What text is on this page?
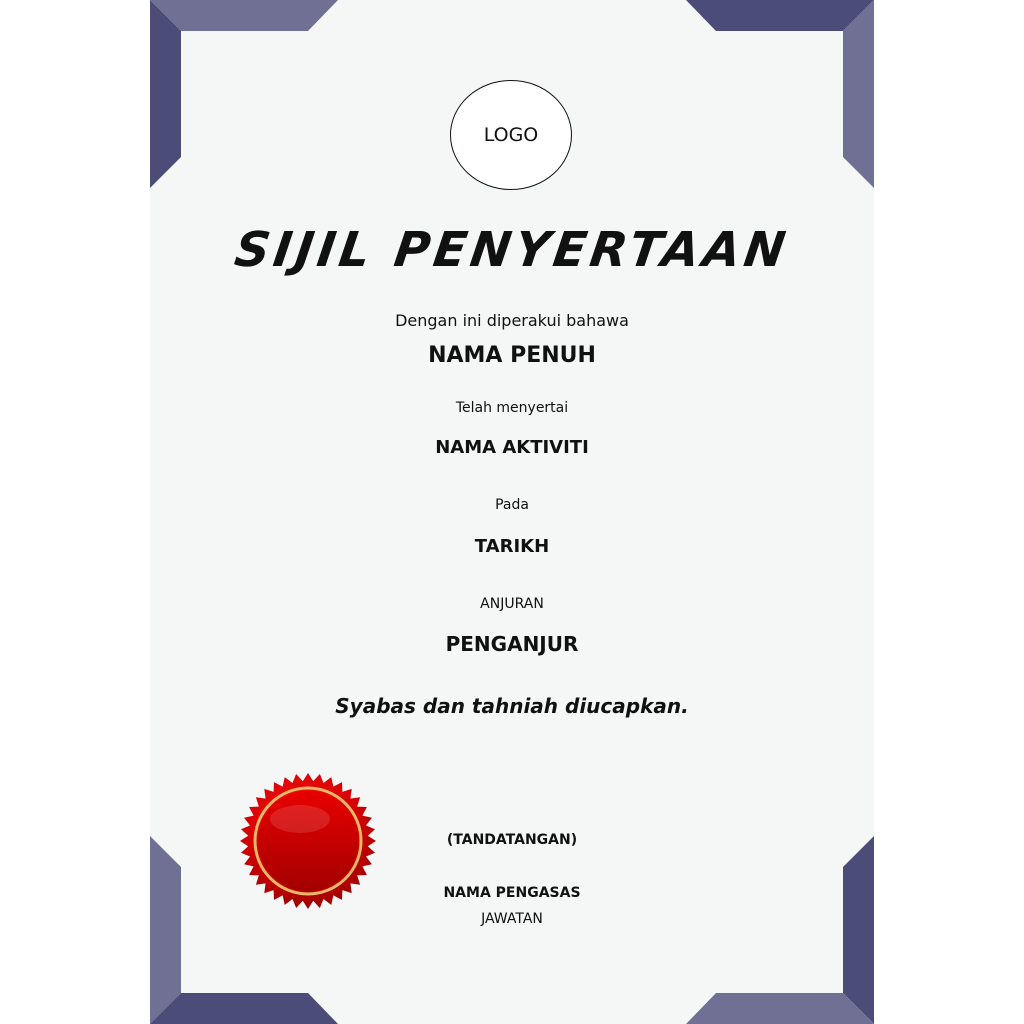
LOGO

SIJIL PENYERTAAN

Dengan ini diperakui bahawa

NAMA PENUH

Telah menyertai

NAMA AKTIVITI

Pada

TARIKH

ANJURAN

PENGANJUR

Syabas dan tahniah diucapkan.

(TANDATANGAN)

NAMA PENGASAS

JAWATAN
